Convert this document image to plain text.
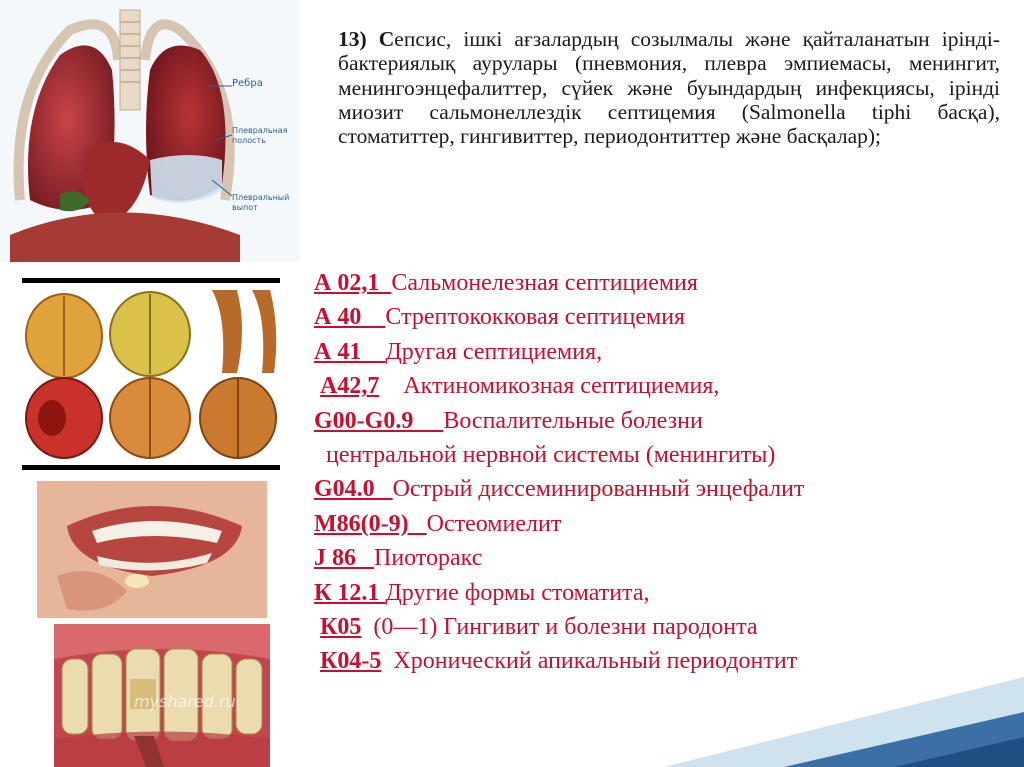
Ребра
Плевральная
полость
Плевральный
выпот
myshared.ru
13) Сепсис, ішкі ағзалардың созылмалы және қайталанатын ірінді-бактериялық аурулары (пневмония, плевра эмпиемасы, менингит, менингоэнцефалиттер, сүйек және буындардың инфекциясы, ірінді миозит сальмонеллездік септицемия (Salmonella tiphi басқа), стоматиттер, гингивиттер, периодонтиттер және басқалар);
А 02,1  Сальмонелезная септициемия
А 40    Стрептококковая септицемия
А 41    Другая септициемия,
А42,7    Актиномикозная септициемия,
G00-G0.9     Воспалительные болезни
центральной нервной системы (менингиты)
G04.0   Острый диссеминированный энцефалит
М86(0-9)   Остеомиелит
J 86   Пиоторакс
К 12.1 Другие формы стоматита,
К05  (0—1) Гингивит и болезни пародонта
К04-5  Хронический апикальный периодонтит
